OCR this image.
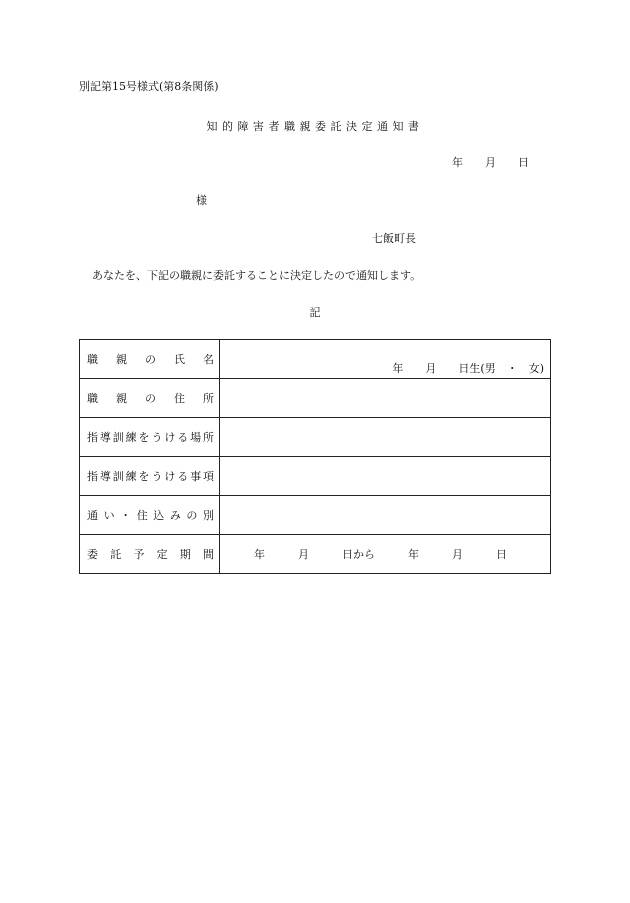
別記第15号様式(第8条関係)
知的障害者職親委託決定通知書
年　　月　　日
様
七飯町長
あなたを、下記の職親に委託することに決定したので通知します。
記
職親の氏名	年　　月　　日生(男　・　女)

職親の住所	

指導訓練をうける場所	

指導訓練をうける事項	

通い・住込みの別	

委託予定期間	年　　　月　　　日から　　　年　　　月　　　日
